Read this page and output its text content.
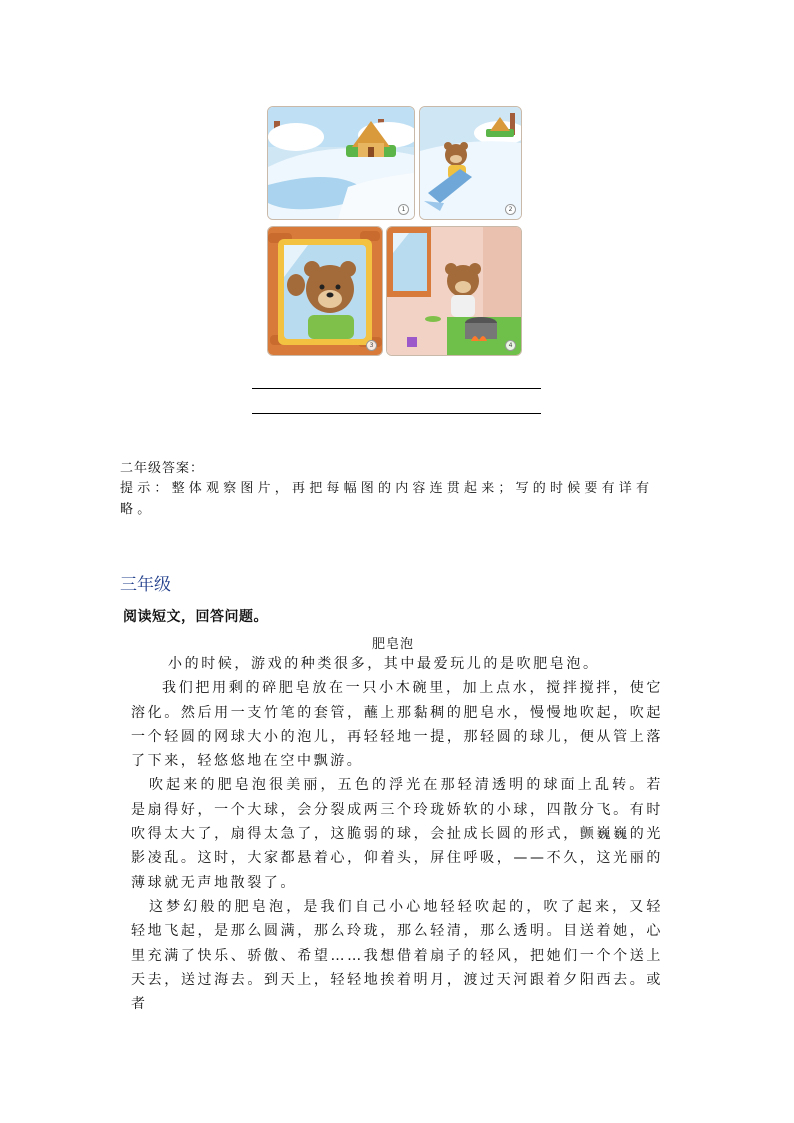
1	2
3	4
二年级答案：
提示：整体观察图片，再把每幅图的内容连贯起来；写的时候要有详有略。
三年级
阅读短文，回答问题。
肥皂泡

小的时候，游戏的种类很多，其中最爱玩儿的是吹肥皂泡。

我们把用剩的碎肥皂放在一只小木碗里，加上点水，搅拌搅拌，使它溶化。然后用一支竹笔的套管，蘸上那黏稠的肥皂水，慢慢地吹起，吹起一个轻圆的网球大小的泡儿，再轻轻地一提，那轻圆的球儿，便从管上落了下来，轻悠悠地在空中飘游。

吹起来的肥皂泡很美丽，五色的浮光在那轻清透明的球面上乱转。若是扇得好，一个大球，会分裂成两三个玲珑娇软的小球，四散分飞。有时吹得太大了，扇得太急了，这脆弱的球，会扯成长圆的形式，颤巍巍的光影凌乱。这时，大家都悬着心，仰着头，屏住呼吸，——不久，这光丽的薄球就无声地散裂了。

这梦幻般的肥皂泡，是我们自己小心地轻轻吹起的，吹了起来，又轻轻地飞起，是那么圆满，那么玲珑，那么轻清，那么透明。目送着她，心里充满了快乐、骄傲、希望……我想借着扇子的轻风，把她们一个个送上天去，送过海去。到天上，轻轻地挨着明月，渡过天河跟着夕阳西去。或者
